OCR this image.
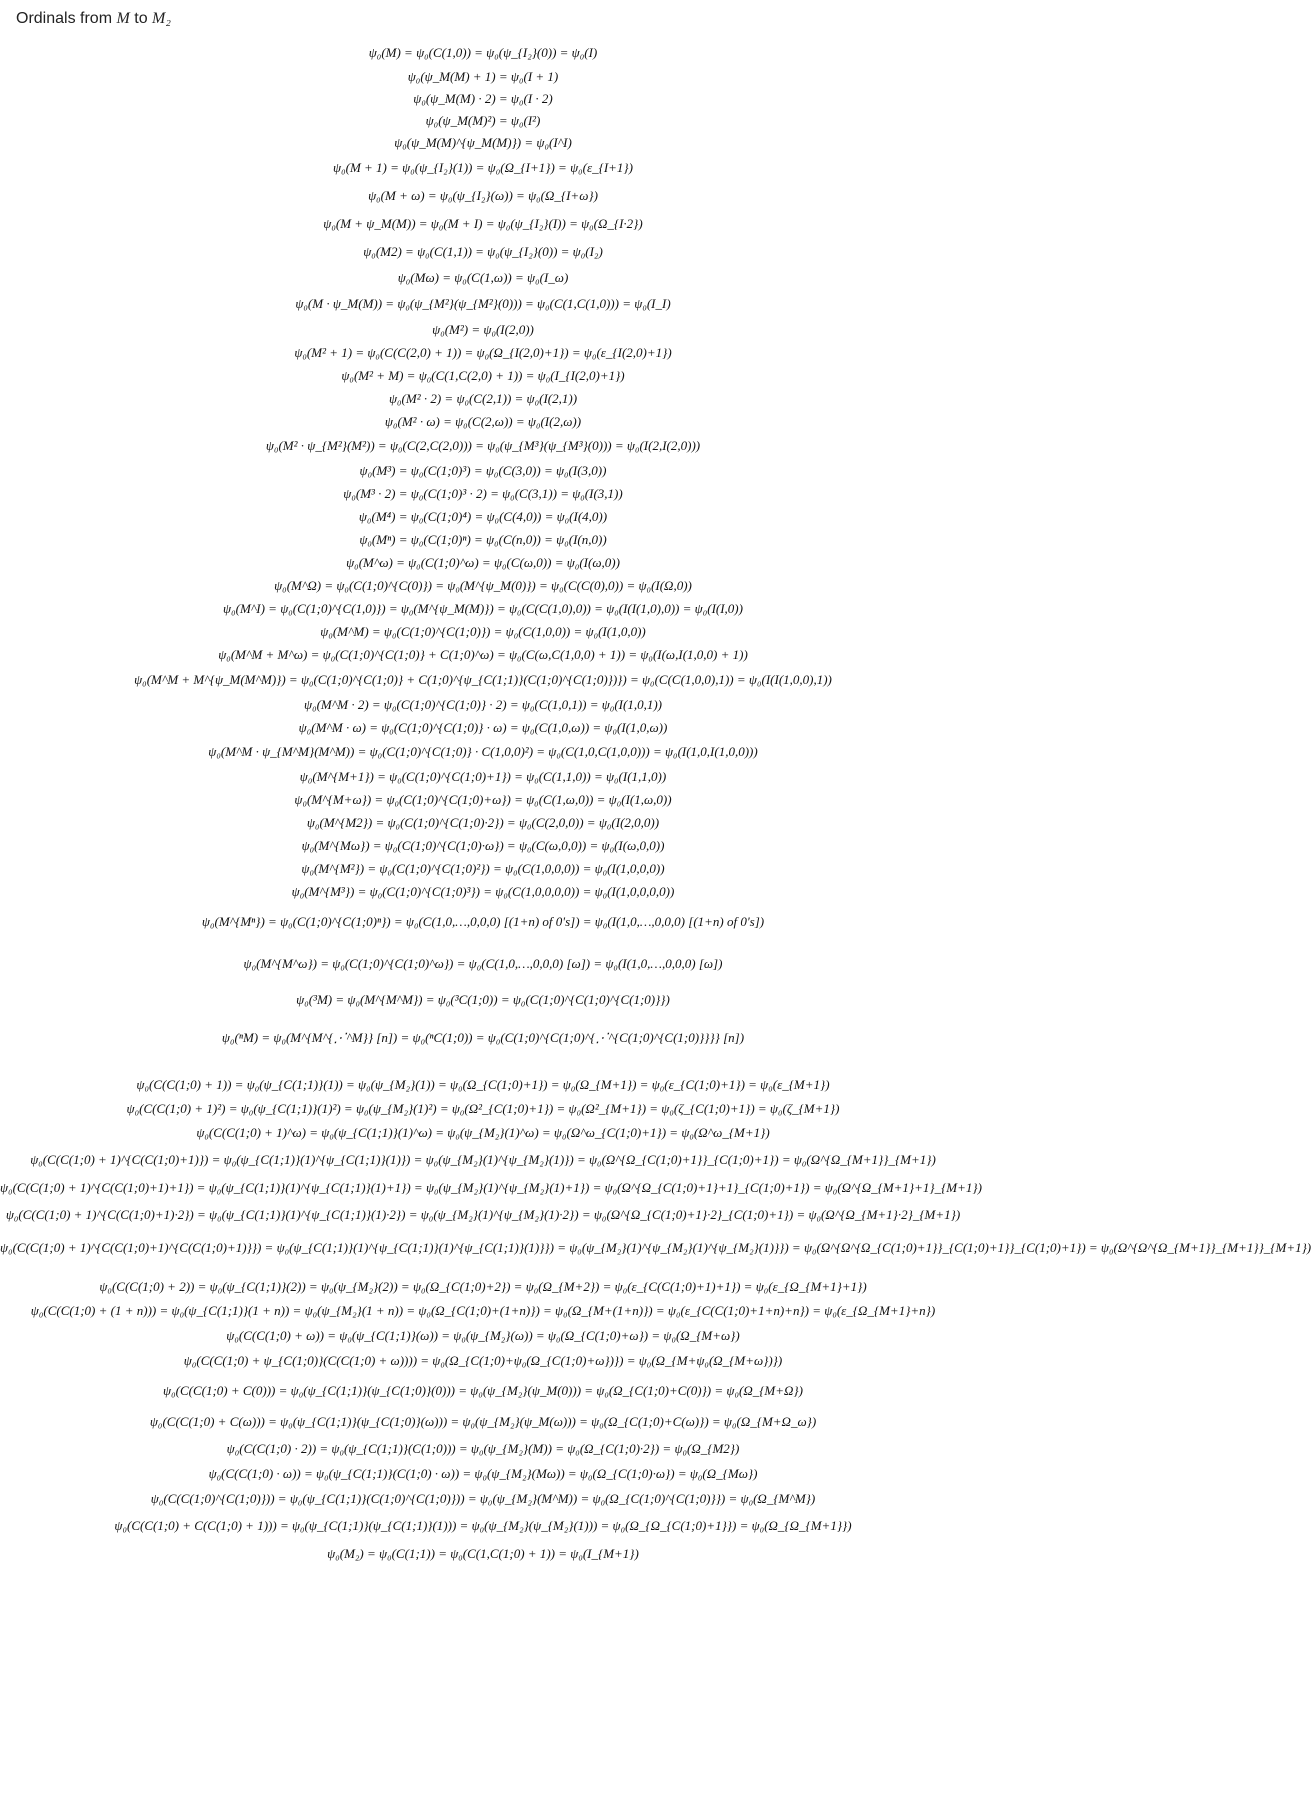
Ordinals from M to M₂
ψ₀(M) = ψ₀(C(1,0)) = ψ₀(ψ_{I₂}(0)) = ψ₀(I)
ψ₀(ψ_M(M) + 1) = ψ₀(I + 1)
ψ₀(ψ_M(M) · 2) = ψ₀(I · 2)
ψ₀(ψ_M(M)²) = ψ₀(I²)
ψ₀(ψ_M(M)^{ψ_M(M)}) = ψ₀(I^I)
ψ₀(M + 1) = ψ₀(ψ_{I₂}(1)) = ψ₀(Ω_{I+1}) = ψ₀(ε_{I+1})
ψ₀(M + ω) = ψ₀(ψ_{I₂}(ω)) = ψ₀(Ω_{I+ω})
ψ₀(M + ψ_M(M)) = ψ₀(M + I) = ψ₀(ψ_{I₂}(I)) = ψ₀(Ω_{I·2})
ψ₀(M2) = ψ₀(C(1,1)) = ψ₀(ψ_{I₂}(0)) = ψ₀(I₂)
ψ₀(Mω) = ψ₀(C(1,ω)) = ψ₀(I_ω)
ψ₀(M · ψ_M(M)) = ψ₀(ψ_{M²}(ψ_{M²}(0))) = ψ₀(C(1,C(1,0))) = ψ₀(I_I)
ψ₀(M²) = ψ₀(I(2,0))
ψ₀(M² + 1) = ψ₀(C(C(2,0) + 1)) = ψ₀(Ω_{I(2,0)+1}) = ψ₀(ε_{I(2,0)+1})
ψ₀(M² + M) = ψ₀(C(1,C(2,0) + 1)) = ψ₀(I_{I(2,0)+1})
ψ₀(M² · 2) = ψ₀(C(2,1)) = ψ₀(I(2,1))
ψ₀(M² · ω) = ψ₀(C(2,ω)) = ψ₀(I(2,ω))
ψ₀(M² · ψ_{M²}(M²)) = ψ₀(C(2,C(2,0))) = ψ₀(ψ_{M³}(ψ_{M³}(0))) = ψ₀(I(2,I(2,0)))
ψ₀(M³) = ψ₀(C(1;0)³) = ψ₀(C(3,0)) = ψ₀(I(3,0))
ψ₀(M³ · 2) = ψ₀(C(1;0)³ · 2) = ψ₀(C(3,1)) = ψ₀(I(3,1))
ψ₀(M⁴) = ψ₀(C(1;0)⁴) = ψ₀(C(4,0)) = ψ₀(I(4,0))
ψ₀(Mⁿ) = ψ₀(C(1;0)ⁿ) = ψ₀(C(n,0)) = ψ₀(I(n,0))
ψ₀(M^ω) = ψ₀(C(1;0)^ω) = ψ₀(C(ω,0)) = ψ₀(I(ω,0))
ψ₀(M^Ω) = ψ₀(C(1;0)^{C(0)}) = ψ₀(M^{ψ_M(0)}) = ψ₀(C(C(0),0)) = ψ₀(I(Ω,0))
ψ₀(M^I) = ψ₀(C(1;0)^{C(1,0)}) = ψ₀(M^{ψ_M(M)}) = ψ₀(C(C(1,0),0)) = ψ₀(I(I(1,0),0)) = ψ₀(I(I,0))
ψ₀(M^M) = ψ₀(C(1;0)^{C(1;0)}) = ψ₀(C(1,0,0)) = ψ₀(I(1,0,0))
ψ₀(M^M + M^ω) = ψ₀(C(1;0)^{C(1;0)} + C(1;0)^ω) = ψ₀(C(ω,C(1,0,0) + 1)) = ψ₀(I(ω,I(1,0,0) + 1))
ψ₀(M^M + M^{ψ_M(M^M)}) = ψ₀(C(1;0)^{C(1;0)} + C(1;0)^{ψ_{C(1;1)}(C(1;0)^{C(1;0)})}) = ψ₀(C(C(1,0,0),1)) = ψ₀(I(I(1,0,0),1))
ψ₀(M^M · 2) = ψ₀(C(1;0)^{C(1;0)} · 2) = ψ₀(C(1,0,1)) = ψ₀(I(1,0,1))
ψ₀(M^M · ω) = ψ₀(C(1;0)^{C(1;0)} · ω) = ψ₀(C(1,0,ω)) = ψ₀(I(1,0,ω))
ψ₀(M^M · ψ_{M^M}(M^M)) = ψ₀(C(1;0)^{C(1;0)} · C(1,0,0)²) = ψ₀(C(1,0,C(1,0,0))) = ψ₀(I(1,0,I(1,0,0)))
ψ₀(M^{M+1}) = ψ₀(C(1;0)^{C(1;0)+1}) = ψ₀(C(1,1,0)) = ψ₀(I(1,1,0))
ψ₀(M^{M+ω}) = ψ₀(C(1;0)^{C(1;0)+ω}) = ψ₀(C(1,ω,0)) = ψ₀(I(1,ω,0))
ψ₀(M^{M2}) = ψ₀(C(1;0)^{C(1;0)·2}) = ψ₀(C(2,0,0)) = ψ₀(I(2,0,0))
ψ₀(M^{Mω}) = ψ₀(C(1;0)^{C(1;0)·ω}) = ψ₀(C(ω,0,0)) = ψ₀(I(ω,0,0))
ψ₀(M^{M²}) = ψ₀(C(1;0)^{C(1;0)²}) = ψ₀(C(1,0,0,0)) = ψ₀(I(1,0,0,0))
ψ₀(M^{M³}) = ψ₀(C(1;0)^{C(1;0)³}) = ψ₀(C(1,0,0,0,0)) = ψ₀(I(1,0,0,0,0))
ψ₀(M^{Mⁿ}) = ψ₀(C(1;0)^{C(1;0)ⁿ}) = ψ₀(C(1,0,…,0,0,0) [(1+n) of 0's]) = ψ₀(I(1,0,…,0,0,0) [(1+n) of 0's])
ψ₀(M^{M^ω}) = ψ₀(C(1;0)^{C(1;0)^ω}) = ψ₀(C(1,0,…,0,0,0) [ω]) = ψ₀(I(1,0,…,0,0,0) [ω])
ψ₀(³M) = ψ₀(M^{M^M}) = ψ₀(³C(1;0)) = ψ₀(C(1;0)^{C(1;0)^{C(1;0)}})
ψ₀(ⁿM) = ψ₀(M^{M^{⋰^M}} [n]) = ψ₀(ⁿC(1;0)) = ψ₀(C(1;0)^{C(1;0)^{⋰^{C(1;0)^{C(1;0)}}}} [n])
ψ₀(C(C(1;0) + 1)) = ψ₀(ψ_{C(1;1)}(1)) = ψ₀(ψ_{M₂}(1)) = ψ₀(Ω_{C(1;0)+1}) = ψ₀(Ω_{M+1}) = ψ₀(ε_{C(1;0)+1}) = ψ₀(ε_{M+1})
ψ₀(C(C(1;0) + 1)²) = ψ₀(ψ_{C(1;1)}(1)²) = ψ₀(ψ_{M₂}(1)²) = ψ₀(Ω²_{C(1;0)+1}) = ψ₀(Ω²_{M+1}) = ψ₀(ζ_{C(1;0)+1}) = ψ₀(ζ_{M+1})
ψ₀(C(C(1;0) + 1)^ω) = ψ₀(ψ_{C(1;1)}(1)^ω) = ψ₀(ψ_{M₂}(1)^ω) = ψ₀(Ω^ω_{C(1;0)+1}) = ψ₀(Ω^ω_{M+1})
ψ₀(C(C(1;0) + 1)^{C(C(1;0)+1)}) = ψ₀(ψ_{C(1;1)}(1)^{ψ_{C(1;1)}(1)}) = ψ₀(ψ_{M₂}(1)^{ψ_{M₂}(1)}) = ψ₀(Ω^{Ω_{C(1;0)+1}}_{C(1;0)+1}) = ψ₀(Ω^{Ω_{M+1}}_{M+1})
ψ₀(C(C(1;0) + 1)^{C(C(1;0)+1)+1}) = ψ₀(ψ_{C(1;1)}(1)^{ψ_{C(1;1)}(1)+1}) = ψ₀(ψ_{M₂}(1)^{ψ_{M₂}(1)+1}) = ψ₀(Ω^{Ω_{C(1;0)+1}+1}_{C(1;0)+1}) = ψ₀(Ω^{Ω_{M+1}+1}_{M+1})
ψ₀(C(C(1;0) + 1)^{C(C(1;0)+1)·2}) = ψ₀(ψ_{C(1;1)}(1)^{ψ_{C(1;1)}(1)·2}) = ψ₀(ψ_{M₂}(1)^{ψ_{M₂}(1)·2}) = ψ₀(Ω^{Ω_{C(1;0)+1}·2}_{C(1;0)+1}) = ψ₀(Ω^{Ω_{M+1}·2}_{M+1})
ψ₀(C(C(1;0) + 1)^{C(C(1;0)+1)^{C(C(1;0)+1)}}) = ψ₀(ψ_{C(1;1)}(1)^{ψ_{C(1;1)}(1)^{ψ_{C(1;1)}(1)}}) = ψ₀(ψ_{M₂}(1)^{ψ_{M₂}(1)^{ψ_{M₂}(1)}}) = ψ₀(Ω^{Ω^{Ω_{C(1;0)+1}}_{C(1;0)+1}}_{C(1;0)+1}) = ψ₀(Ω^{Ω^{Ω_{M+1}}_{M+1}}_{M+1})
ψ₀(C(C(1;0) + 2)) = ψ₀(ψ_{C(1;1)}(2)) = ψ₀(ψ_{M₂}(2)) = ψ₀(Ω_{C(1;0)+2}) = ψ₀(Ω_{M+2}) = ψ₀(ε_{C(C(1;0)+1)+1}) = ψ₀(ε_{Ω_{M+1}+1})
ψ₀(C(C(1;0) + (1 + n))) = ψ₀(ψ_{C(1;1)}(1 + n)) = ψ₀(ψ_{M₂}(1 + n)) = ψ₀(Ω_{C(1;0)+(1+n)}) = ψ₀(Ω_{M+(1+n)}) = ψ₀(ε_{C(C(1;0)+1+n)+n}) = ψ₀(ε_{Ω_{M+1}+n})
ψ₀(C(C(1;0) + ω)) = ψ₀(ψ_{C(1;1)}(ω)) = ψ₀(ψ_{M₂}(ω)) = ψ₀(Ω_{C(1;0)+ω}) = ψ₀(Ω_{M+ω})
ψ₀(C(C(1;0) + ψ_{C(1;0)}(C(C(1;0) + ω)))) = ψ₀(Ω_{C(1;0)+ψ₀(Ω_{C(1;0)+ω})}) = ψ₀(Ω_{M+ψ₀(Ω_{M+ω})})
ψ₀(C(C(1;0) + C(0))) = ψ₀(ψ_{C(1;1)}(ψ_{C(1;0)}(0))) = ψ₀(ψ_{M₂}(ψ_M(0))) = ψ₀(Ω_{C(1;0)+C(0)}) = ψ₀(Ω_{M+Ω})
ψ₀(C(C(1;0) + C(ω))) = ψ₀(ψ_{C(1;1)}(ψ_{C(1;0)}(ω))) = ψ₀(ψ_{M₂}(ψ_M(ω))) = ψ₀(Ω_{C(1;0)+C(ω)}) = ψ₀(Ω_{M+Ω_ω})
ψ₀(C(C(1;0) · 2)) = ψ₀(ψ_{C(1;1)}(C(1;0))) = ψ₀(ψ_{M₂}(M)) = ψ₀(Ω_{C(1;0)·2}) = ψ₀(Ω_{M2})
ψ₀(C(C(1;0) · ω)) = ψ₀(ψ_{C(1;1)}(C(1;0) · ω)) = ψ₀(ψ_{M₂}(Mω)) = ψ₀(Ω_{C(1;0)·ω}) = ψ₀(Ω_{Mω})
ψ₀(C(C(1;0)^{C(1;0)})) = ψ₀(ψ_{C(1;1)}(C(1;0)^{C(1;0)})) = ψ₀(ψ_{M₂}(M^M)) = ψ₀(Ω_{C(1;0)^{C(1;0)}}) = ψ₀(Ω_{M^M})
ψ₀(C(C(1;0) + C(C(1;0) + 1))) = ψ₀(ψ_{C(1;1)}(ψ_{C(1;1)}(1))) = ψ₀(ψ_{M₂}(ψ_{M₂}(1))) = ψ₀(Ω_{Ω_{C(1;0)+1}}) = ψ₀(Ω_{Ω_{M+1}})
ψ₀(M₂) = ψ₀(C(1;1)) = ψ₀(C(1,C(1;0) + 1)) = ψ₀(I_{M+1})
